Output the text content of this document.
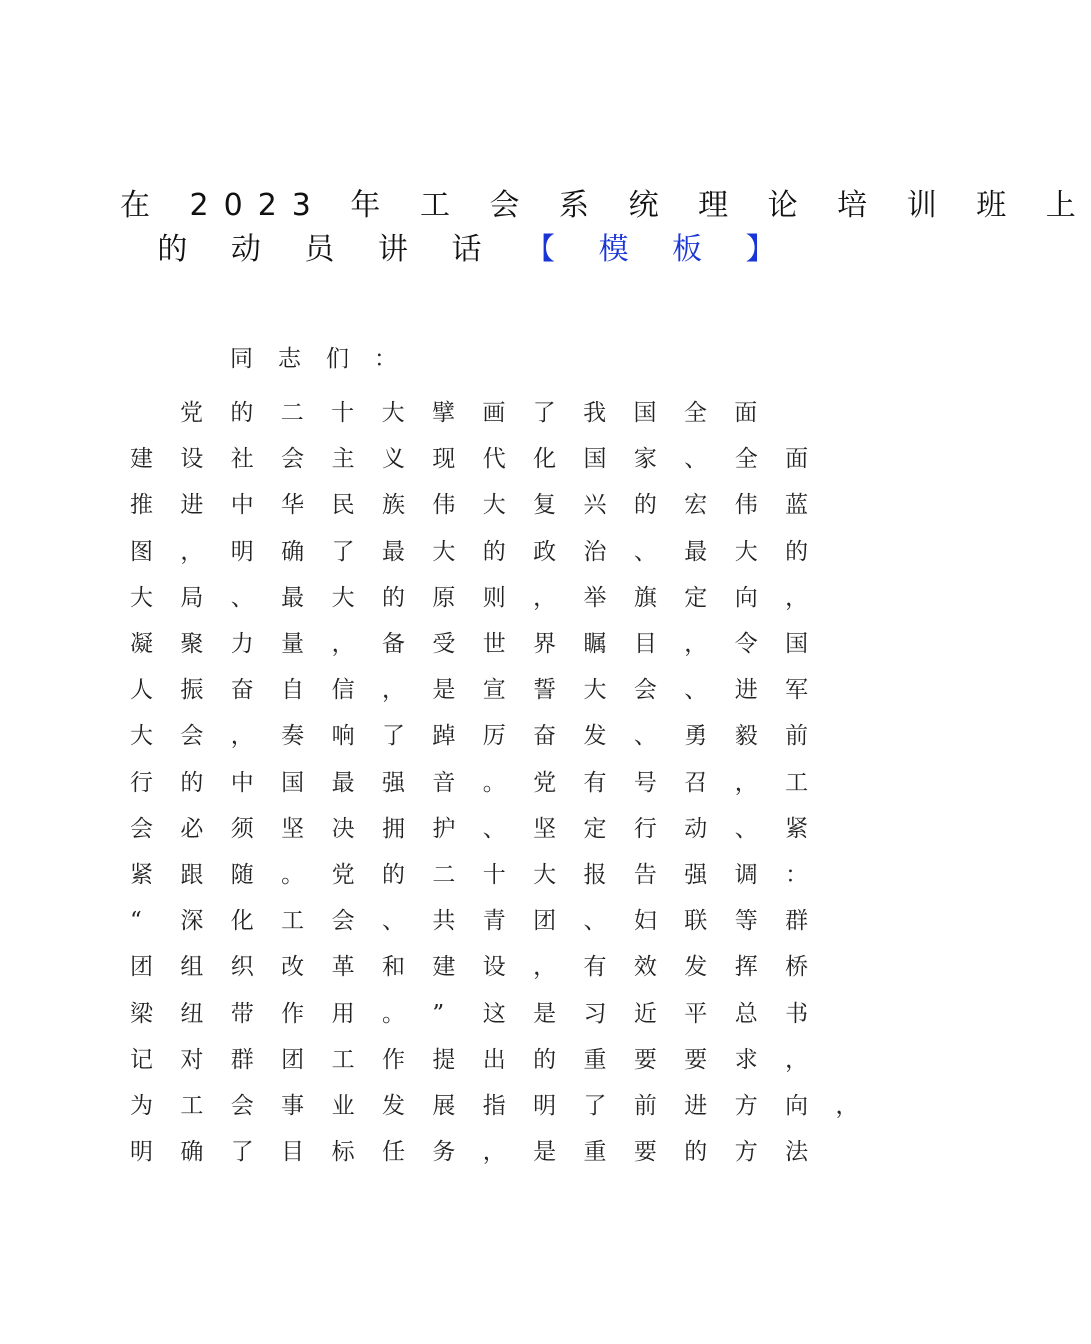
在 2023 年 工 会 系 统 理 论 培 训 班 上
的 动 员 讲 话 【 模 板 】
同 志 们 ：
党 的 二 十 大 擘 画 了 我 国 全 面
建 设 社 会 主 义 现 代 化 国 家 、 全 面
推 进 中 华 民 族 伟 大 复 兴 的 宏 伟 蓝
图 ， 明 确 了 最 大 的 政 治 、 最 大 的
大 局 、 最 大 的 原 则 ， 举 旗 定 向 ，
凝 聚 力 量 ， 备 受 世 界 瞩 目 ， 令 国
人 振 奋 自 信 ， 是 宣 誓 大 会 、 进 军
大 会 ， 奏 响 了 踔 厉 奋 发 、 勇 毅 前
行 的 中 国 最 强 音 。 党 有 号 召 ， 工
会 必 须 坚 决 拥 护 、 坚 定 行 动 、 紧
紧 跟 随 。 党 的 二 十 大 报 告 强 调 ：
“ 深 化 工 会 、 共 青 团 、 妇 联 等 群
团 组 织 改 革 和 建 设 ， 有 效 发 挥 桥
梁 纽 带 作 用 。 ” 这 是 习 近 平 总 书
记 对 群 团 工 作 提 出 的 重 要 要 求 ，
为 工 会 事 业 发 展 指 明 了 前 进 方 向 ，
明 确 了 目 标 任 务 ， 是 重 要 的 方 法
